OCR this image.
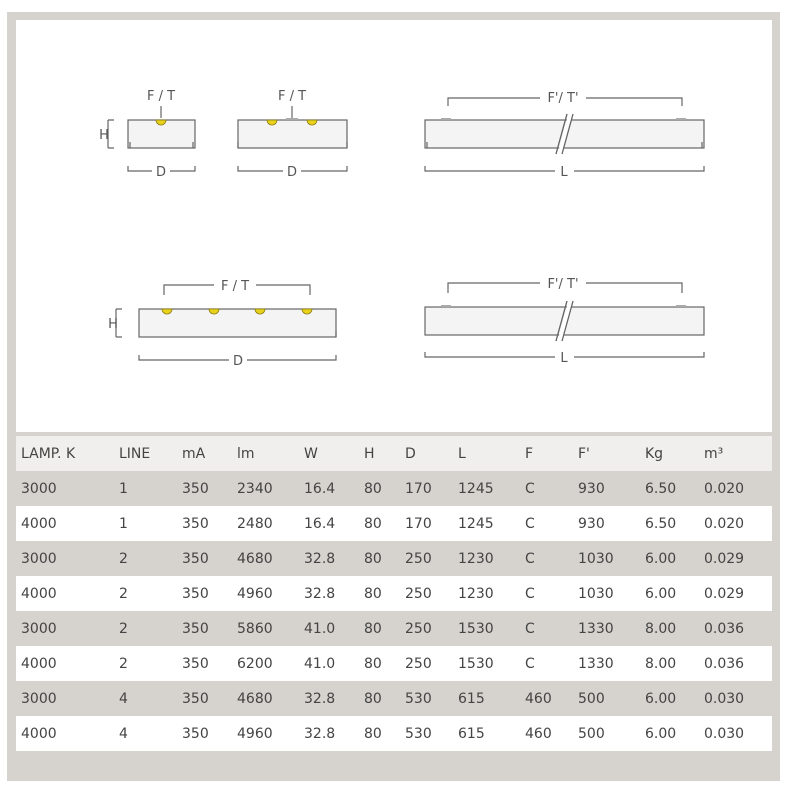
F / T	F / T	F'/ T'
F / T	F'/ T'
H
H
D	D
D
L
L
LAMP. K	LINE	mA	lm	W	H	D	L	F	F'	Kg	m³
3000	1	350	2340	16.4	80	170	1245	C	930	6.50	0.020
4000	1	350	2480	16.4	80	170	1245	C	930	6.50	0.020
3000	2	350	4680	32.8	80	250	1230	C	1030	6.00	0.029
4000	2	350	4960	32.8	80	250	1230	C	1030	6.00	0.029
3000	2	350	5860	41.0	80	250	1530	C	1330	8.00	0.036
4000	2	350	6200	41.0	80	250	1530	C	1330	8.00	0.036
3000	4	350	4680	32.8	80	530	615	460	500	6.00	0.030
4000	4	350	4960	32.8	80	530	615	460	500	6.00	0.030
